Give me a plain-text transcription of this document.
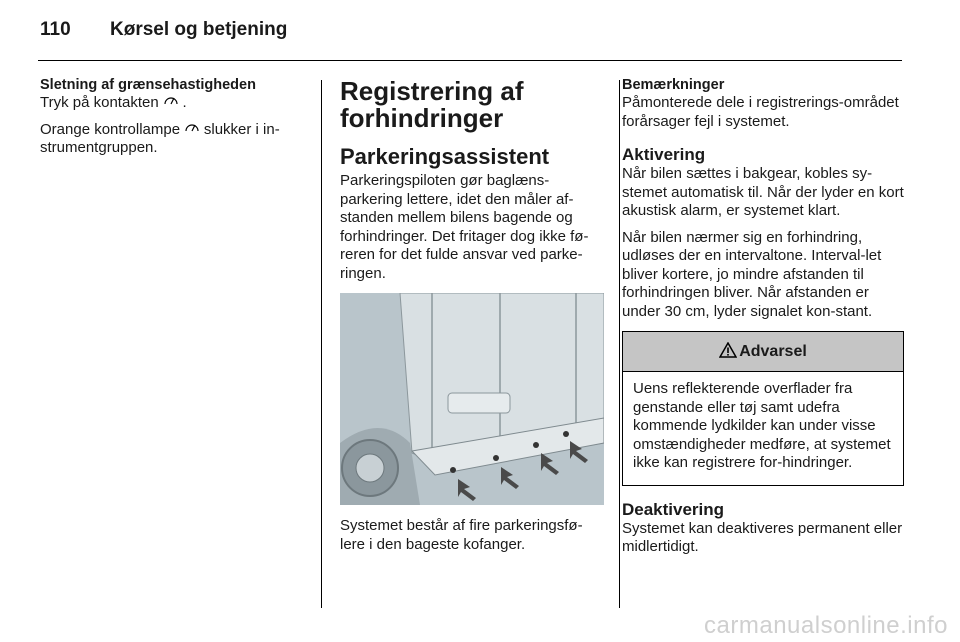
110 Kørsel og betjening
Sletning af grænsehastigheden

Tryk på kontakten .

Orange kontrollampe slukker i in-strumentgruppen.

Registrering af forhindringer
Parkeringsassistent

Parkeringspiloten gør baglæns-parkering lettere, idet den måler af-standen mellem bilens bagende og forhindringer. Det fritager dog ikke fø-reren for det fulde ansvar ved parke-ringen.

Systemet består af fire parkeringsfø-lere i den bageste kofanger.

Bemærkninger

Påmonterede dele i registrerings-området forårsager fejl i systemet.

Aktivering

Når bilen sættes i bakgear, kobles sy-stemet automatisk til. Når der lyder en kort akustisk alarm, er systemet klart.

Når bilen nærmer sig en forhindring, udløses der en intervaltone. Interval-let bliver kortere, jo mindre afstanden til forhindringen bliver. Når afstanden er under 30 cm, lyder signalet kon-stant.

Advarsel

Uens reflekterende overflader fra genstande eller tøj samt udefra kommende lydkilder kan under visse omstændigheder medføre, at systemet ikke kan registrere for-hindringer.

Deaktivering

Systemet kan deaktiveres permanent eller midlertidigt.

carmanualsonline.info
